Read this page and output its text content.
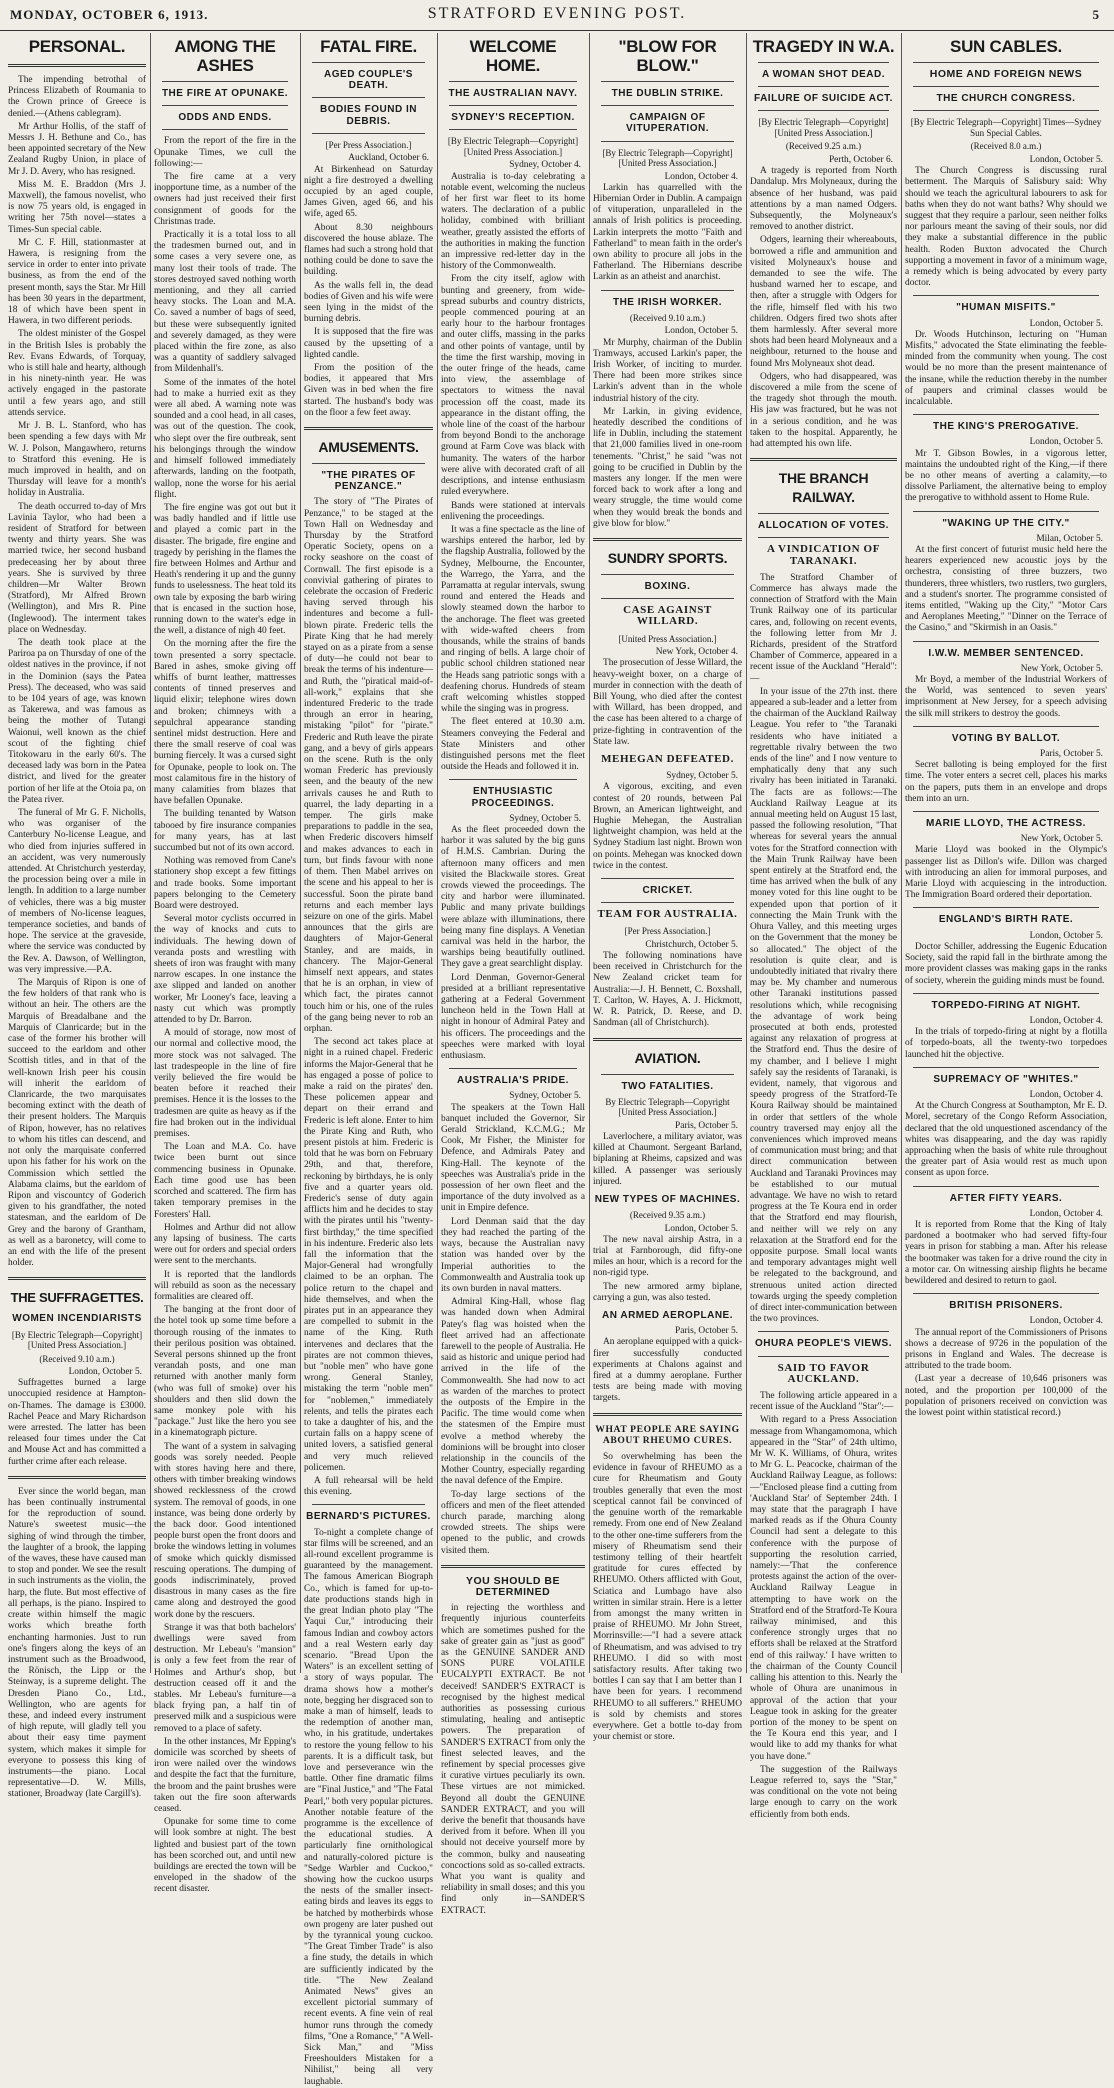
MONDAY, OCTOBER 6, 1913.	STRATFORD EVENING POST.	5
PERSONAL.

The impending betrothal of Princess Elizabeth of Roumania to the Crown prince of Greece is denied.—(Athens cablegram).

Mr Arthur Hollis, of the staff of Messrs J. H. Bethune and Co., has been appointed secretary of the New Zealand Rugby Union, in place of Mr J. D. Avery, who has resigned.

Miss M. E. Braddon (Mrs J. Maxwell), the famous novelist, who is now 75 years old, is engaged in writing her 75th novel—states a Times-Sun special cable.

Mr C. F. Hill, stationmaster at Hawera, is resigning from the service in order to enter into private business, as from the end of the present month, says the Star. Mr Hill has been 30 years in the department, 18 of which have been spent in Hawera, in two different periods.

The oldest minister of the Gospel in the British Isles is probably the Rev. Evans Edwards, of Torquay, who is still hale and hearty, although in his ninety-ninth year. He was actively engaged in the pastorate until a few years ago, and still attends service.

Mr J. B. L. Stanford, who has been spending a few days with Mr W. J. Polson, Mangawhero, returns to Stratford this evening. He is much improved in health, and on Thursday will leave for a month's holiday in Australia.

The death occurred to-day of Mrs Lavinia Taylor, who had been a resident of Stratford for between twenty and thirty years. She was married twice, her second husband predeceasing her by about three years. She is survived by three children—Mr Walter Brown (Stratford), Mr Alfred Brown (Wellington), and Mrs R. Pine (Inglewood). The interment takes place on Wednesday.

The death took place at the Pariroa pa on Thursday of one of the oldest natives in the province, if not in the Dominion (says the Patea Press). The deceased, who was said to be 104 years of age, was known as Takerewa, and was famous as being the mother of Tutangi Waionui, well known as the chief scout of the fighting chief Titokowaru in the early 60's. The deceased lady was born in the Patea district, and lived for the greater portion of her life at the Otoia pa, on the Patea river.

The funeral of Mr G. F. Nicholls, who was organiser of the Canterbury No-license League, and who died from injuries suffered in an accident, was very numerously attended. At Christchurch yesterday, the procession being over a mile in length. In addition to a large number of vehicles, there was a big muster of members of No-license leagues, temperance societies, and bands of hope. The service at the graveside, where the service was conducted by the Rev. A. Dawson, of Wellington, was very impressive.—P.A.

The Marquis of Ripon is one of the few holders of that rank who is without an heir. The others are the Marquis of Breadalbane and the Marquis of Clanricarde; but in the case of the former his brother will succeed to the earldom and other Scottish titles, and in that of the well-known Irish peer his cousin will inherit the earldom of Clanricarde, the two marquisates becoming extinct with the death of their present holders. The Marquis of Ripon, however, has no relatives to whom his titles can descend, and not only the marquisate conferred upon his father for his work on the Commission which settled the Alabama claims, but the earldom of Ripon and viscountcy of Goderich given to his grandfather, the noted statesman, and the earldom of De Grey and the barony of Grantham, as well as a baronetcy, will come to an end with the life of the present holder.

THE SUFFRAGETTES.
WOMEN INCENDIARISTS
[By Electric Telegraph—Copyright] [United Press Association.]
(Received 9.10 a.m.)
London, October 5.

Suffragettes burned a large unoccupied residence at Hampton-on-Thames. The damage is £3000. Rachel Peace and Mary Richardson were arrested. The latter has been released four times under the Cat and Mouse Act and has committed a further crime after each release.

Ever since the world began, man has been continually instrumental for the reproduction of sound. Nature's sweetest music—the sighing of wind through the timber, the laughter of a brook, the lapping of the waves, these have caused man to stop and ponder. We see the result in such instruments as the violin, the harp, the flute. But most effective of all perhaps, is the piano. Inspired to create within himself the magic works which breathe forth enchanting harmonies. Just to run one's fingers along the keys of an instrument such as the Broadwood, the Rönisch, the Lipp or the Steinway, is a supreme delight. The Dresden Piano Co., Ltd., Wellington, who are agents for these, and indeed every instrument of high repute, will gladly tell you about their easy time payment system, which makes it simple for everyone to possess this king of instruments—the piano. Local representative—D. W. Mills, stationer, Broadway (late Cargill's).

AMONG THE ASHES
THE FIRE AT OPUNAKE.
ODDS AND ENDS.

From the report of the fire in the Opunake Times, we cull the following:—

The fire came at a very inopportune time, as a number of the owners had just received their first consignment of goods for the Christmas trade.

Practically it is a total loss to all the tradesmen burned out, and in some cases a very severe one, as many lost their tools of trade. The stores destroyed saved nothing worth mentioning, and they all carried heavy stocks. The Loan and M.A. Co. saved a number of bags of seed, but these were subsequently ignited and severely damaged, as they were placed within the fire zone, as also was a quantity of saddlery salvaged from Mildenhall's.

Some of the inmates of the hotel had to make a hurried exit as they were all abed. A warning note was sounded and a cool head, in all cases, was out of the question. The cook, who slept over the fire outbreak, sent his belongings through the window and himself followed immediately afterwards, landing on the footpath, wallop, none the worse for his aerial flight.

The fire engine was got out but it was badly handled and if little use and played a comic part in the disaster. The brigade, fire engine and tragedy by perishing in the flames the fire between Holmes and Arthur and Heath's rendering it up and the gunny funds to uselessness. The heat told its own tale by exposing the barb wiring that is encased in the suction hose, running down to the water's edge in the well, a distance of nigh 40 feet.

On the morning after the fire the town presented a sorry spectacle. Bared in ashes, smoke giving off whiffs of burnt leather, mattresses contents of tinned preserves and liquid elixir; telephone wires down and broken; chimneys with a sepulchral appearance standing sentinel midst destruction. Here and there the small reserve of coal was burning fiercely. It was a cursed sight for Opunake, people to look on. The most calamitous fire in the history of many calamities from blazes that have befallen Opunake.

The building tenanted by Watson tabooed by fire insurance companies for many years, has at last succumbed but not of its own accord.

Nothing was removed from Cane's stationery shop except a few fittings and trade books. Some important papers belonging to the Cemetery Board were destroyed.

Several motor cyclists occurred in the way of knocks and cuts to individuals. The hewing down of veranda posts and wrestling with sheets of iron was fraught with many narrow escapes. In one instance the axe slipped and landed on another worker, Mr Looney's face, leaving a nasty cut which was promptly attended to by Dr. Barron.

A mould of storage, now most of our normal and collective mood, the more stock was not salvaged. The last tradespeople in the line of fire verily believed the fire would be beaten before it reached their premises. Hence it is the losses to the tradesmen are quite as heavy as if the fire had broken out in the individual premises.

The Loan and M.A. Co. have twice been burnt out since commencing business in Opunake. Each time good use has been scorched and scattered. The firm has taken temporary premises in the Foresters' Hall.

Holmes and Arthur did not allow any lapsing of business. The carts were out for orders and special orders were sent to the merchants.

It is reported that the landlords will rebuild as soon as the necessary formalities are cleared off.

The banging at the front door of the hotel took up some time before a thorough rousing of the inmates to their perilous position was obtained. Several persons shinned up the front verandah posts, and one man returned with another manly form (who was full of smoke) over his shoulders and then slid down the same monkey pole with his "package." Just like the hero you see in a kinematograph picture.

The want of a system in salvaging goods was sorely needed. People with stores having here and there, others with timber breaking windows showed recklessness of the crowd system. The removal of goods, in one instance, was being done orderly by the back door. Good intentioned people burst open the front doors and broke the windows letting in volumes of smoke which quickly dismissed rescuing operations. The dumping of goods indiscriminately, proved disastrous in many cases as the fire came along and destroyed the good work done by the rescuers.

Strange it was that both bachelors' dwellings were saved from destruction. Mr Lebeau's "mansion" is only a few feet from the rear of Holmes and Arthur's shop, but destruction ceased off it and the stables. Mr Lebeau's furniture—a black frying pan, a half tin of preserved milk and a suspicious were removed to a place of safety.

In the other instances, Mr Epping's domicile was scorched by sheets of iron were nailed over the windows and despite the fact that the furniture, the broom and the paint brushes were taken out the fire soon afterwards ceased.

Opunake for some time to come will look sombre at night. The best lighted and busiest part of the town has been scorched out, and until new buildings are erected the town will be enveloped in the shadow of the recent disaster.

FATAL FIRE.
AGED COUPLE'S DEATH.
BODIES FOUND IN DEBRIS.
[Per Press Association.]
Auckland, October 6.

At Birkenhead on Saturday night a fire destroyed a dwelling occupied by an aged couple, James Given, aged 66, and his wife, aged 65.

About 8.30 neighbours discovered the house ablaze. The flames had such a strong hold that nothing could be done to save the building.

As the walls fell in, the dead bodies of Given and his wife were seen lying in the midst of the burning debris.

It is supposed that the fire was caused by the upsetting of a lighted candle.

From the position of the bodies, it appeared that Mrs Given was in bed when the fire started. The husband's body was on the floor a few feet away.

AMUSEMENTS.
"THE PIRATES OF PENZANCE."

The story of "The Pirates of Penzance," to be staged at the Town Hall on Wednesday and Thursday by the Stratford Operatic Society, opens on a rocky seashore on the coast of Cornwall. The first episode is a convivial gathering of pirates to celebrate the occasion of Frederic having served through his indentures and become a full-blown pirate. Frederic tells the Pirate King that he had merely stayed on as a pirate from a sense of duty—he could not bear to break the terms of his indenture—and Ruth, the "piratical maid-of-all-work," explains that she indentured Frederic to the trade through an error in hearing, mistaking "pilot" for "pirate." Frederic and Ruth leave the pirate gang, and a bevy of girls appears on the scene. Ruth is the only woman Frederic has previously seen, and the beauty of the new arrivals causes he and Ruth to quarrel, the lady departing in a temper. The girls make preparations to paddle in the sea, when Frederic discovers himself and makes advances to each in turn, but finds favour with none of them. Then Mabel arrives on the scene and his appeal to her is successful. Soon the pirate band returns and each member lays seizure on one of the girls. Mabel announces that the girls are daughters of Major-General Stanley, and are maids, in chancery. The Major-General himself next appears, and states that he is an orphan, in view of which fact, the pirates cannot touch him or his, one of the rules of the gang being never to rob an orphan.

The second act takes place at night in a ruined chapel. Frederic informs the Major-General that he has engaged a posse of police to make a raid on the pirates' den. These policemen appear and depart on their errand and Frederic is left alone. Enter to him the Pirate King and Ruth, who present pistols at him. Frederic is told that he was born on February 29th, and that, therefore, reckoning by birthdays, he is only five and a quarter years old. Frederic's sense of duty again afflicts him and he decides to stay with the pirates until his "twenty-first birthday," the time specified in his indenture. Frederic also lets fall the information that the Major-General had wrongfully claimed to be an orphan. The police return to the chapel and hide themselves, and when the pirates put in an appearance they are compelled to submit in the name of the King. Ruth intervenes and declares that the pirates are not common thieves, but "noble men" who have gone wrong. General Stanley, mistaking the term "noble men" for "noblemen," immediately relents, and tells the pirates each to take a daughter of his, and the curtain falls on a happy scene of united lovers, a satisfied general and very much relieved policemen.

A full rehearsal will be held this evening.

BERNARD'S PICTURES.

To-night a complete change of star films will be screened, and an all-round excellent programme is guaranteed by the management. The famous American Biograph Co., which is famed for up-to-date productions stands high in the great Indian photo play "The Yaqui Cur," introducing their famous Indian and cowboy actors and a real Western early day scenario. "Bread Upon the Waters" is an excellent setting of a story of ways popular. The drama shows how a mother's note, begging her disgraced son to make a man of himself, leads to the redemption of another man, who, in his gratitude, undertakes to restore the young fellow to his parents. It is a difficult task, but love and perseverance win the battle. Other fine dramatic films are "Final Justice," and "The Fatal Pearl," both very popular pictures. Another notable feature of the programme is the excellence of the educational studies. A particularly fine ornithological and naturally-colored picture is "Sedge Warbler and Cuckoo," showing how the cuckoo usurps the nests of the smaller insect-eating birds and leaves its eggs to be hatched by motherbirds whose own progeny are later pushed out by the tyrannical young cuckoo. "The Great Timber Trade" is also a fine study, the details in which are sufficiently indicated by the title. "The New Zealand Animated News" gives an excellent pictorial summary of recent events. A fine vein of real humor runs through the comedy films, "One a Romance," "A Well-Sick Man," and "Miss Freeshoulders Mistaken for a Nihilist," being all very laughable.

WELCOME HOME.
THE AUSTRALIAN NAVY.
SYDNEY'S RECEPTION.
[By Electric Telegraph—Copyright] [United Press Association.]
Sydney, October 4.

Australia is to-day celebrating a notable event, welcoming the nucleus of her first war fleet to its home waters. The declaration of a public holiday, combined with brilliant weather, greatly assisted the efforts of the authorities in making the function an impressive red-letter day in the history of the Commonwealth.

From the city itself, aglow with bunting and greenery, from wide-spread suburbs and country districts, people commenced pouring at an early hour to the harbour frontages and outer cliffs, massing in the parks and other points of vantage, until by the time the first warship, moving in the outer fringe of the heads, came into view, the assemblage of spectators to witness the naval procession off the coast, made its appearance in the distant offing, the whole line of the coast of the harbour from beyond Bondi to the anchorage ground at Farm Cove was black with humanity. The waters of the harbor were alive with decorated craft of all descriptions, and intense enthusiasm ruled everywhere.

Bands were stationed at intervals enlivening the proceedings.

It was a fine spectacle as the line of warships entered the harbor, led by the flagship Australia, followed by the Sydney, Melbourne, the Encounter, the Warrego, the Yarra, and the Parramatta at regular intervals, swung round and entered the Heads and slowly steamed down the harbor to the anchorage. The fleet was greeted with wide-wafted cheers from thousands, while the strains of bands and ringing of bells. A large choir of public school children stationed near the Heads sang patriotic songs with a deafening chorus. Hundreds of steam craft welcoming whistles stopped while the singing was in progress.

The fleet entered at 10.30 a.m. Steamers conveying the Federal and State Ministers and other distinguished persons met the fleet outside the Heads and followed it in.

ENTHUSIASTIC PROCEEDINGS.
Sydney, October 5.

As the fleet proceeded down the harbor it was saluted by the big guns of H.M.S. Cambrian. During the afternoon many officers and men visited the Blackwaile stores. Great crowds viewed the proceedings. The city and harbor were illuminated. Public and many private buildings were ablaze with illuminations, there being many fine displays. A Venetian carnival was held in the harbor, the warships being beautifully outlined. They gave a great searchlight display.

Lord Denman, Governor-General presided at a brilliant representative gathering at a Federal Government luncheon held in the Town Hall at night in honour of Admiral Patey and his officers. The proceedings and the speeches were marked with loyal enthusiasm.

AUSTRALIA'S PRIDE.
Sydney, October 5.

The speakers at the Town Hall banquet included the Governor, Sir Gerald Strickland, K.C.M.G.; Mr Cook, Mr Fisher, the Minister for Defence, and Admirals Patey and King-Hall. The keynote of the speeches was Australia's pride in the possession of her own fleet and the importance of the duty involved as a unit in Empire defence.

Lord Denman said that the day they had reached the parting of the ways, because the Australian navy station was handed over by the Imperial authorities to the Commonwealth and Australia took up its own burden in naval matters.

Admiral King-Hall, whose flag was handed down when Admiral Patey's flag was hoisted when the fleet arrived had an affectionate farewell to the people of Australia. He said as historic and unique period had arrived in the life of the Commonwealth. She had now to act as warden of the marches to protect the outposts of the Empire in the Pacific. The time would come when the statesmen of the Empire must evolve a method whereby the dominions will be brought into closer relationship in the councils of the Mother Country, especially regarding the naval defence of the Empire.

To-day large sections of the officers and men of the fleet attended church parade, marching along crowded streets. The ships were opened to the public, and crowds visited them.

YOU SHOULD BE DETERMINED

in rejecting the worthless and frequently injurious counterfeits which are sometimes pushed for the sake of greater gain as "just as good" as the GENUINE SANDER AND SONS PURE VOLATILE EUCALYPTI EXTRACT. Be not deceived! SANDER'S EXTRACT is recognised by the highest medical authorities as possessing curious stimulating, healing and antiseptic powers. The preparation of SANDER'S EXTRACT from only the finest selected leaves, and the refinement by special processes give it curative virtues peculiarly its own. These virtues are not mimicked. Beyond all doubt the GENUINE SANDER EXTRACT, and you will derive the benefit that thousands have derived from it before. When ill you should not deceive yourself more by the common, bulky and nauseating concoctions sold as so-called extracts. What you want is quality and reliability in small doses; and this you find only in—SANDER'S EXTRACT.

"BLOW FOR BLOW."
THE DUBLIN STRIKE.
CAMPAIGN OF VITUPERATION.
[By Electric Telegraph—Copyright] [United Press Association.]
London, October 4.

Larkin has quarrelled with the Hibernian Order in Dublin. A campaign of vituperation, unparalleled in the annals of Irish politics is proceeding. Larkin interprets the motto "Faith and Fatherland" to mean faith in the order's own ability to procure all jobs in the Fatherland. The Hibernians describe Larkin as an atheist and anarchist.

THE IRISH WORKER.
(Received 9.10 a.m.)
London, October 5.

Mr Murphy, chairman of the Dublin Tramways, accused Larkin's paper, the Irish Worker, of inciting to murder. There had been more strikes since Larkin's advent than in the whole industrial history of the city.

Mr Larkin, in giving evidence, heatedly described the conditions of life in Dublin, including the statement that 21,000 families lived in one-room tenements. "Christ," he said "was not going to be crucified in Dublin by the masters any longer. If the men were forced back to work after a long and weary struggle, the time would come when they would break the bonds and give blow for blow."

SUNDRY SPORTS.
BOXING.
CASE AGAINST WILLARD.
[United Press Association.]
New York, October 4.

The prosecution of Jesse Willard, the heavy-weight boxer, on a charge of murder in connection with the death of Bill Young, who died after the contest with Willard, has been dropped, and the case has been altered to a charge of prize-fighting in contravention of the State law.

MEHEGAN DEFEATED.
Sydney, October 5.

A vigorous, exciting, and even contest of 20 rounds, between Pal Brown, an American lightweight, and Hughie Mehegan, the Australian lightweight champion, was held at the Sydney Stadium last night. Brown won on points. Mehegan was knocked down twice in the contest.

CRICKET.
TEAM FOR AUSTRALIA.
[Per Press Association.]
Christchurch, October 5.

The following nominations have been received in Christchurch for the New Zealand cricket team for Australia:—J. H. Bennett, C. Boxshall, T. Carlton, W. Hayes, A. J. Hickmott, W. R. Patrick, D. Reese, and D. Sandman (all of Christchurch).

AVIATION.
TWO FATALITIES.
By Electric Telegraph—Copyright [United Press Association.]
Paris, October 5.

Laverlochere, a military aviator, was killed at Chaumont. Sergeant Barland, biplaning at Rheims, capsized and was killed. A passenger was seriously injured.

NEW TYPES OF MACHINES.
(Received 9.35 a.m.)
London, October 5.

The new naval airship Astra, in a trial at Farnborough, did fifty-one miles an hour, which is a record for the non-rigid type.

The new armored army biplane, carrying a gun, was also tested.

AN ARMED AEROPLANE.
Paris, October 5.

An aeroplane equipped with a quick-firer successfully conducted experiments at Chalons against and fired at a dummy aeroplane. Further tests are being made with moving targets.

WHAT PEOPLE ARE SAYING ABOUT RHEUMO CURES.

So overwhelming has been the evidence in favour of RHEUMO as a cure for Rheumatism and Gouty troubles generally that even the most sceptical cannot fail be convinced of the genuine worth of the remarkable remedy. From one end of New Zealand to the other one-time sufferers from the misery of Rheumatism send their testimony telling of their heartfelt gratitude for cures effected by RHEUMO. Others afflicted with Gout, Sciatica and Lumbago have also written in similar strain. Here is a letter from amongst the many written in praise of RHEUMO. Mr John Street, Morrinsville:—"I had a severe attack of Rheumatism, and was advised to try RHEUMO. I did so with most satisfactory results. After taking two bottles I can say that I am better than I have been for years. I recommend RHEUMO to all sufferers." RHEUMO is sold by chemists and stores everywhere. Get a bottle to-day from your chemist or store.

TRAGEDY IN W.A.
A WOMAN SHOT DEAD.
FAILURE OF SUICIDE ACT.
[By Electric Telegraph—Copyright] [United Press Association.]
(Received 9.25 a.m.)
Perth, October 6.

A tragedy is reported from North Dandalup. Mrs Molyneaux, during the absence of her husband, was paid attentions by a man named Odgers. Subsequently, the Molyneaux's removed to another district.

Odgers, learning their whereabouts, borrowed a rifle and ammunition and visited Molyneaux's house and demanded to see the wife. The husband warned her to escape, and then, after a struggle with Odgers for the rifle, himself fled with his two children. Odgers fired two shots after them harmlessly. After several more shots had been heard Molyneaux and a neighbour, returned to the house and found Mrs Molyneaux shot dead.

Odgers, who had disappeared, was discovered a mile from the scene of the tragedy shot through the mouth. His jaw was fractured, but he was not in a serious condition, and he was taken to the hospital. Apparently, he had attempted his own life.

THE BRANCH RAILWAY.
ALLOCATION OF VOTES.
A VINDICATION OF TARANAKI.

The Stratford Chamber of Commerce has always made the connection of Stratford with the Main Trunk Railway one of its particular cares, and, following on recent events, the following letter from Mr J. Richards, president of the Stratford Chamber of Commerce, appeared in a recent issue of the Auckland "Herald":—

In your issue of the 27th inst. there appeared a sub-leader and a letter from the chairman of the Auckland Railway League. You refer to "the Taranaki residents who have initiated a regrettable rivalry between the two ends of the line" and I now venture to emphatically deny that any such rivalry has been initiated in Taranaki. The facts are as follows:—The Auckland Railway League at its annual meeting held on August 15 last, passed the following resolution, "That whereas for several years the annual votes for the Stratford connection with the Main Trunk Railway have been spent entirely at the Stratford end, the time has arrived when the bulk of any money voted for this line ought to be expended upon that portion of it connecting the Main Trunk with the Ohura Valley, and this meeting urges on the Government that the money be so allocated." The object of the resolution is quite clear, and is undoubtedly initiated that rivalry there may be. My chamber and numerous other Taranaki institutions passed resolutions which, while recognising the advantage of work being prosecuted at both ends, protested against any relaxation of progress at the Stratford end. Thus the desire of my chamber, and I believe I might safely say the residents of Taranaki, is evident, namely, that vigorous and speedy progress of the Stratford-Te Koura Railway should be maintained in order that settlers of the whole country traversed may enjoy all the conveniences which improved means of communication must bring; and that direct communication between Auckland and Taranaki Provinces may be established to our mutual advantage. We have no wish to retard progress at the Te Koura end in order that the Stratford end may flourish, and neither will we rely on any relaxation at the Stratford end for the opposite purpose. Small local wants and temporary advantages might well be relegated to the background, and strenuous united action directed towards urging the speedy completion of direct inter-communication between the two provinces.

OHURA PEOPLE'S VIEWS.
SAID TO FAVOR AUCKLAND.

The following article appeared in a recent issue of the Auckland "Star":—

With regard to a Press Association message from Whangamomona, which appeared in the "Star" of 24th ultimo, Mr W. K. Williams, of Ohura, writes to Mr G. L. Peacocke, chairman of the Auckland Railway League, as follows:—"Enclosed please find a cutting from 'Auckland Star' of September 24th. I may state that the paragraph I have marked reads as if the Ohura County Council had sent a delegate to this conference with the purpose of supporting the resolution carried, namely:—'That the conference protests against the action of the over-Auckland Railway League in attempting to have work on the Stratford end of the Stratford-Te Koura railway minimised, and this conference strongly urges that no efforts shall be relaxed at the Stratford end of this railway.' I have written to the chairman of the County Council calling his attention to this. Nearly the whole of Ohura are unanimous in approval of the action that your League took in asking for the greater portion of the money to be spent on the Te Koura end this year, and I would like to add my thanks for what you have done."

The suggestion of the Railways League referred to, says the "Star," was conditional on the vote not being large enough to carry on the work efficiently from both ends.

SUN CABLES.
HOME AND FOREIGN NEWS
THE CHURCH CONGRESS.
[By Electric Telegraph—Copyright] Times—Sydney Sun Special Cables.
(Received 8.0 a.m.)
London, October 5.

The Church Congress is discussing rural betterment. The Marquis of Salisbury said: Why should we teach the agricultural labourers to ask for baths when they do not want baths? Why should we suggest that they require a parlour, seen neither folks nor parlours meant the saving of their souls, nor did they make a substantial difference in the public health. Roden Buxton advocated the Church supporting a movement in favor of a minimum wage, a remedy which is being advocated by every party doctor.

"HUMAN MISFITS."
London, October 5.

Dr. Woods Hutchinson, lecturing on "Human Misfits," advocated the State eliminating the feeble-minded from the community when young. The cost would be no more than the present maintenance of the insane, while the reduction thereby in the number of paupers and criminal classes would be incalculable.

THE KING'S PREROGATIVE.
London, October 5.

Mr T. Gibson Bowles, in a vigorous letter, maintains the undoubted right of the King,—if there be no other means of averting a calamity,—to dissolve Parliament, the alternative being to employ the prerogative to withhold assent to Home Rule.

"WAKING UP THE CITY."
Milan, October 5.

At the first concert of futurist music held here the hearers experienced new acoustic joys by the orchestra, consisting of three buzzers, two thunderers, three whistlers, two rustlers, two gurglers, and a student's snorter. The programme consisted of items entitled, "Waking up the City," "Motor Cars and Aeroplanes Meeting," "Dinner on the Terrace of the Casino," and "Skirmish in an Oasis."

I.W.W. MEMBER SENTENCED.
New York, October 5.

Mr Boyd, a member of the Industrial Workers of the World, was sentenced to seven years' imprisonment at New Jersey, for a speech advising the silk mill strikers to destroy the goods.

VOTING BY BALLOT.
Paris, October 5.

Secret balloting is being employed for the first time. The voter enters a secret cell, places his marks on the papers, puts them in an envelope and drops them into an urn.

MARIE LLOYD, THE ACTRESS.
New York, October 5.

Marie Lloyd was booked in the Olympic's passenger list as Dillon's wife. Dillon was charged with introducing an alien for immoral purposes, and Marie Lloyd with acquiescing in the introduction. The Immigration Board ordered their deportation.

ENGLAND'S BIRTH RATE.
London, October 5.

Doctor Schiller, addressing the Eugenic Education Society, said the rapid fall in the birthrate among the more provident classes was making gaps in the ranks of society, wherein the guiding minds must be found.

TORPEDO-FIRING AT NIGHT.
London, October 4.

In the trials of torpedo-firing at night by a flotilla of torpedo-boats, all the twenty-two torpedoes launched hit the objective.

SUPREMACY OF "WHITES."
London, October 4.

At the Church Congress at Southampton, Mr E. D. Morel, secretary of the Congo Reform Association, declared that the old unquestioned ascendancy of the whites was disappearing, and the day was rapidly approaching when the basis of white rule throughout the greater part of Asia would rest as much upon consent as upon force.

AFTER FIFTY YEARS.
London, October 4.

It is reported from Rome that the King of Italy pardoned a bootmaker who had served fifty-four years in prison for stabbing a man. After his release the bootmaker was taken for a drive round the city in a motor car. On witnessing airship flights he became bewildered and desired to return to gaol.

BRITISH PRISONERS.
London, October 4.

The annual report of the Commissioners of Prisons shows a decrease of 9726 in the population of the prisons in England and Wales. The decrease is attributed to the trade boom.

(Last year a decrease of 10,646 prisoners was noted, and the proportion per 100,000 of the population of prisoners received on conviction was the lowest point within statistical record.)
